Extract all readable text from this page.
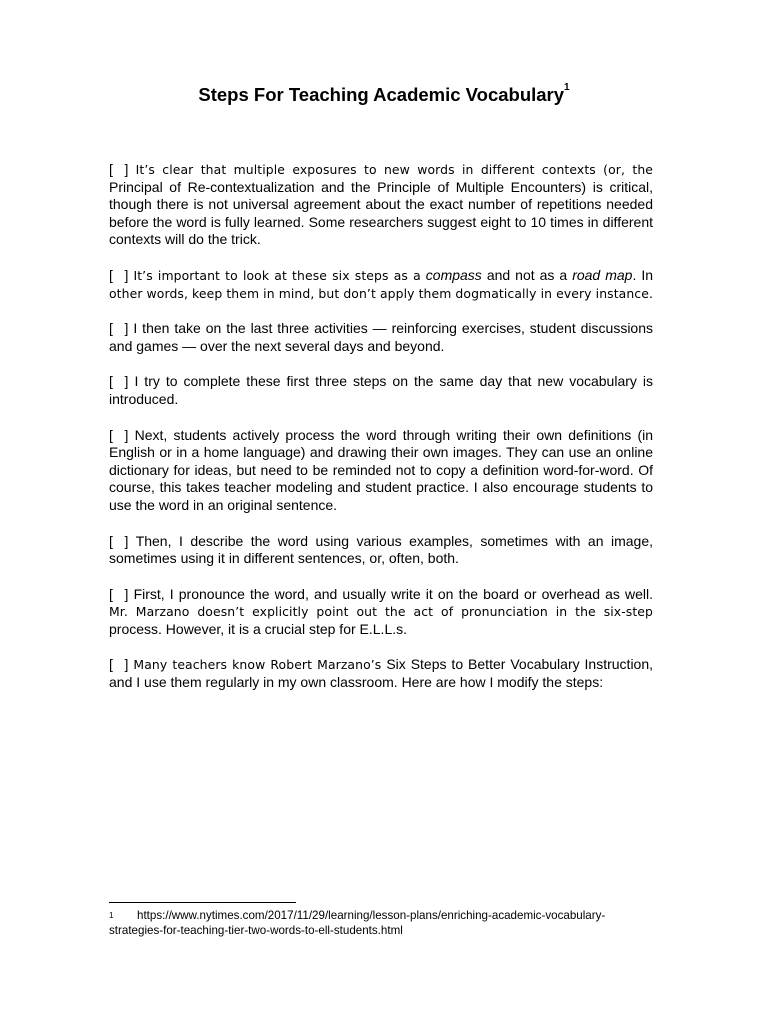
Steps For Teaching Academic Vocabulary$^1$

[   ] It’s clear that multiple exposures to new words in different contexts (or, the Principal of Re-contextualization and the Principle of Multiple Encounters) is critical, though there is not universal agreement about the exact number of repetitions needed before the word is fully learned. Some researchers suggest eight to 10 times in different contexts will do the trick.

[   ] It’s important to look at these six steps as a compass and not as a road map. In other words, keep them in mind, but don’t apply them dogmatically in every instance.

[   ] I then take on the last three activities — reinforcing exercises, student discussions and games — over the next several days and beyond.

[   ] I try to complete these first three steps on the same day that new vocabulary is introduced.

[   ] Next, students actively process the word through writing their own definitions (in English or in a home language) and drawing their own images. They can use an online dictionary for ideas, but need to be reminded not to copy a definition word-for-word. Of course, this takes teacher modeling and student practice. I also encourage students to use the word in an original sentence.

[   ] Then, I describe the word using various examples, sometimes with an image, sometimes using it in different sentences, or, often, both.

[   ] First, I pronounce the word, and usually write it on the board or overhead as well. Mr. Marzano doesn’t explicitly point out the act of pronunciation in the six-step process. However, it is a crucial step for E.L.L.s.

[   ] Many teachers know Robert Marzano’s Six Steps to Better Vocabulary Instruction, and I use them regularly in my own classroom. Here are how I modify the steps:

1 https://www.nytimes.com/2017/11/29/learning/lesson-plans/enriching-academic-vocabulary-strategies-for-teaching-tier-two-words-to-ell-students.html
